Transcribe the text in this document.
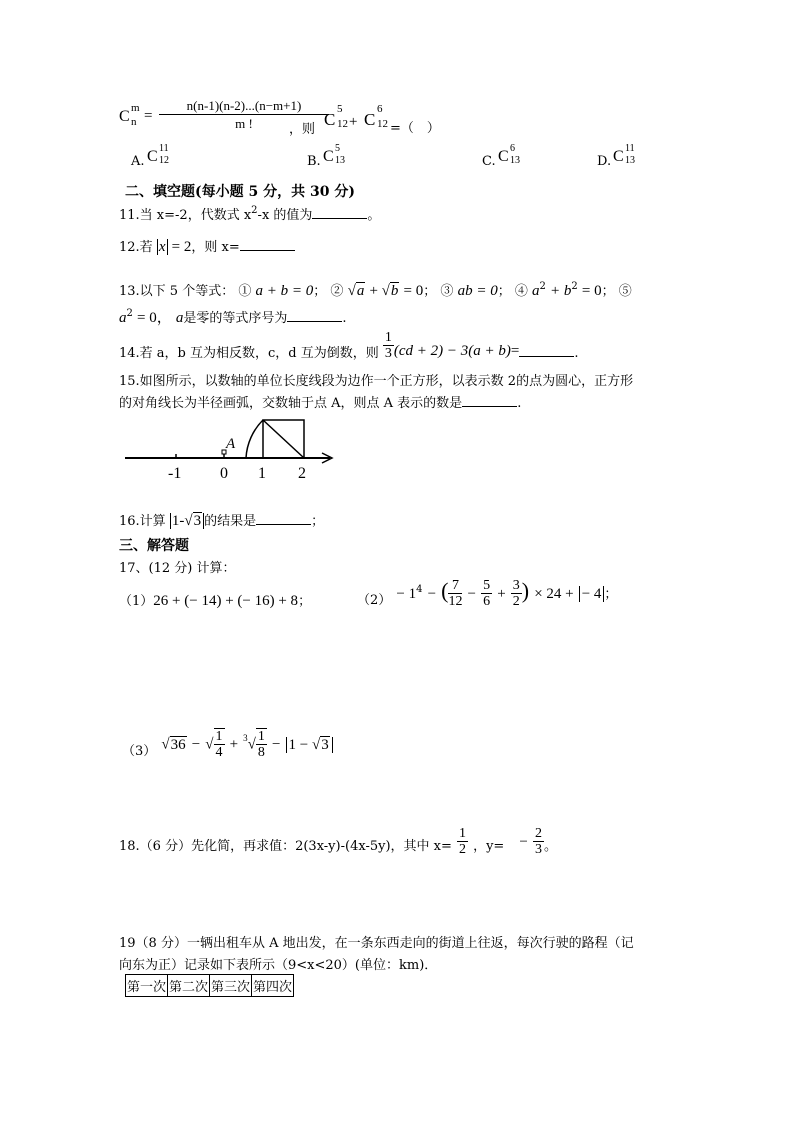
C m
$n = \frac{n(n-1)(n-2)...(n-m+1)}{m !}$
，则
C
5
12 + C
6
12 =（　）
A. C 11
12	B. C 5
13	C. C 6
13	D. C 11
13
二、填空题(每小题 5 分，共 30 分)
11.当 x=-2，代数式 $x^2-x$ 的值为	。
12.若 x = 2，则 x=
13.以下 5 个等式： ① a + b = 0； ② √a + √b = 0； ③ ab = 0； ④ $a^2 + b^2 = 0$； ⑤
$a^2 = 0$， a是零的等式序号为	.
14.若 a，b 互为相反数，c，d 互为倒数，则 $\frac{1}{3} (cd + 2) - 3(a + b)=$	.
15.如图所示，以数轴的单位长度线段为边作一个正方形，以表示数 2的点为圆心，正方形
的对角线长为半径画弧，交数轴于点 A，则点 A 表示的数是	.
A
-1 0 1 2
16.计算 1-√3 的结果是	；
三、解答题
17、(12 分) 计算：
（1）26 + (− 14) + (− 16) + 8；	$_{(2)} - 1^4$ − ( $\frac{7}{12} - \frac{5}{6} + \frac{3}{2}$ ) × 24 + − 4 ；
$_{(3)}$ √36 − √ $\frac{1}{4} + ^3√ \frac{1}{8} - 1 - √3$
$_{18.(6 分)先化简,再求值:2(3x-y)-(4x-5y),其中 x=} \frac{1}{2} _{,y=} - \frac{2}{3} _。$
19（8 分）一辆出租车从 A 地出发，在一条东西走向的街道上往返，每次行驶的路程（记
向东为正）记录如下表所示（9<x<20）(单位：km)．
第一次	第二次	第三次	第四次
